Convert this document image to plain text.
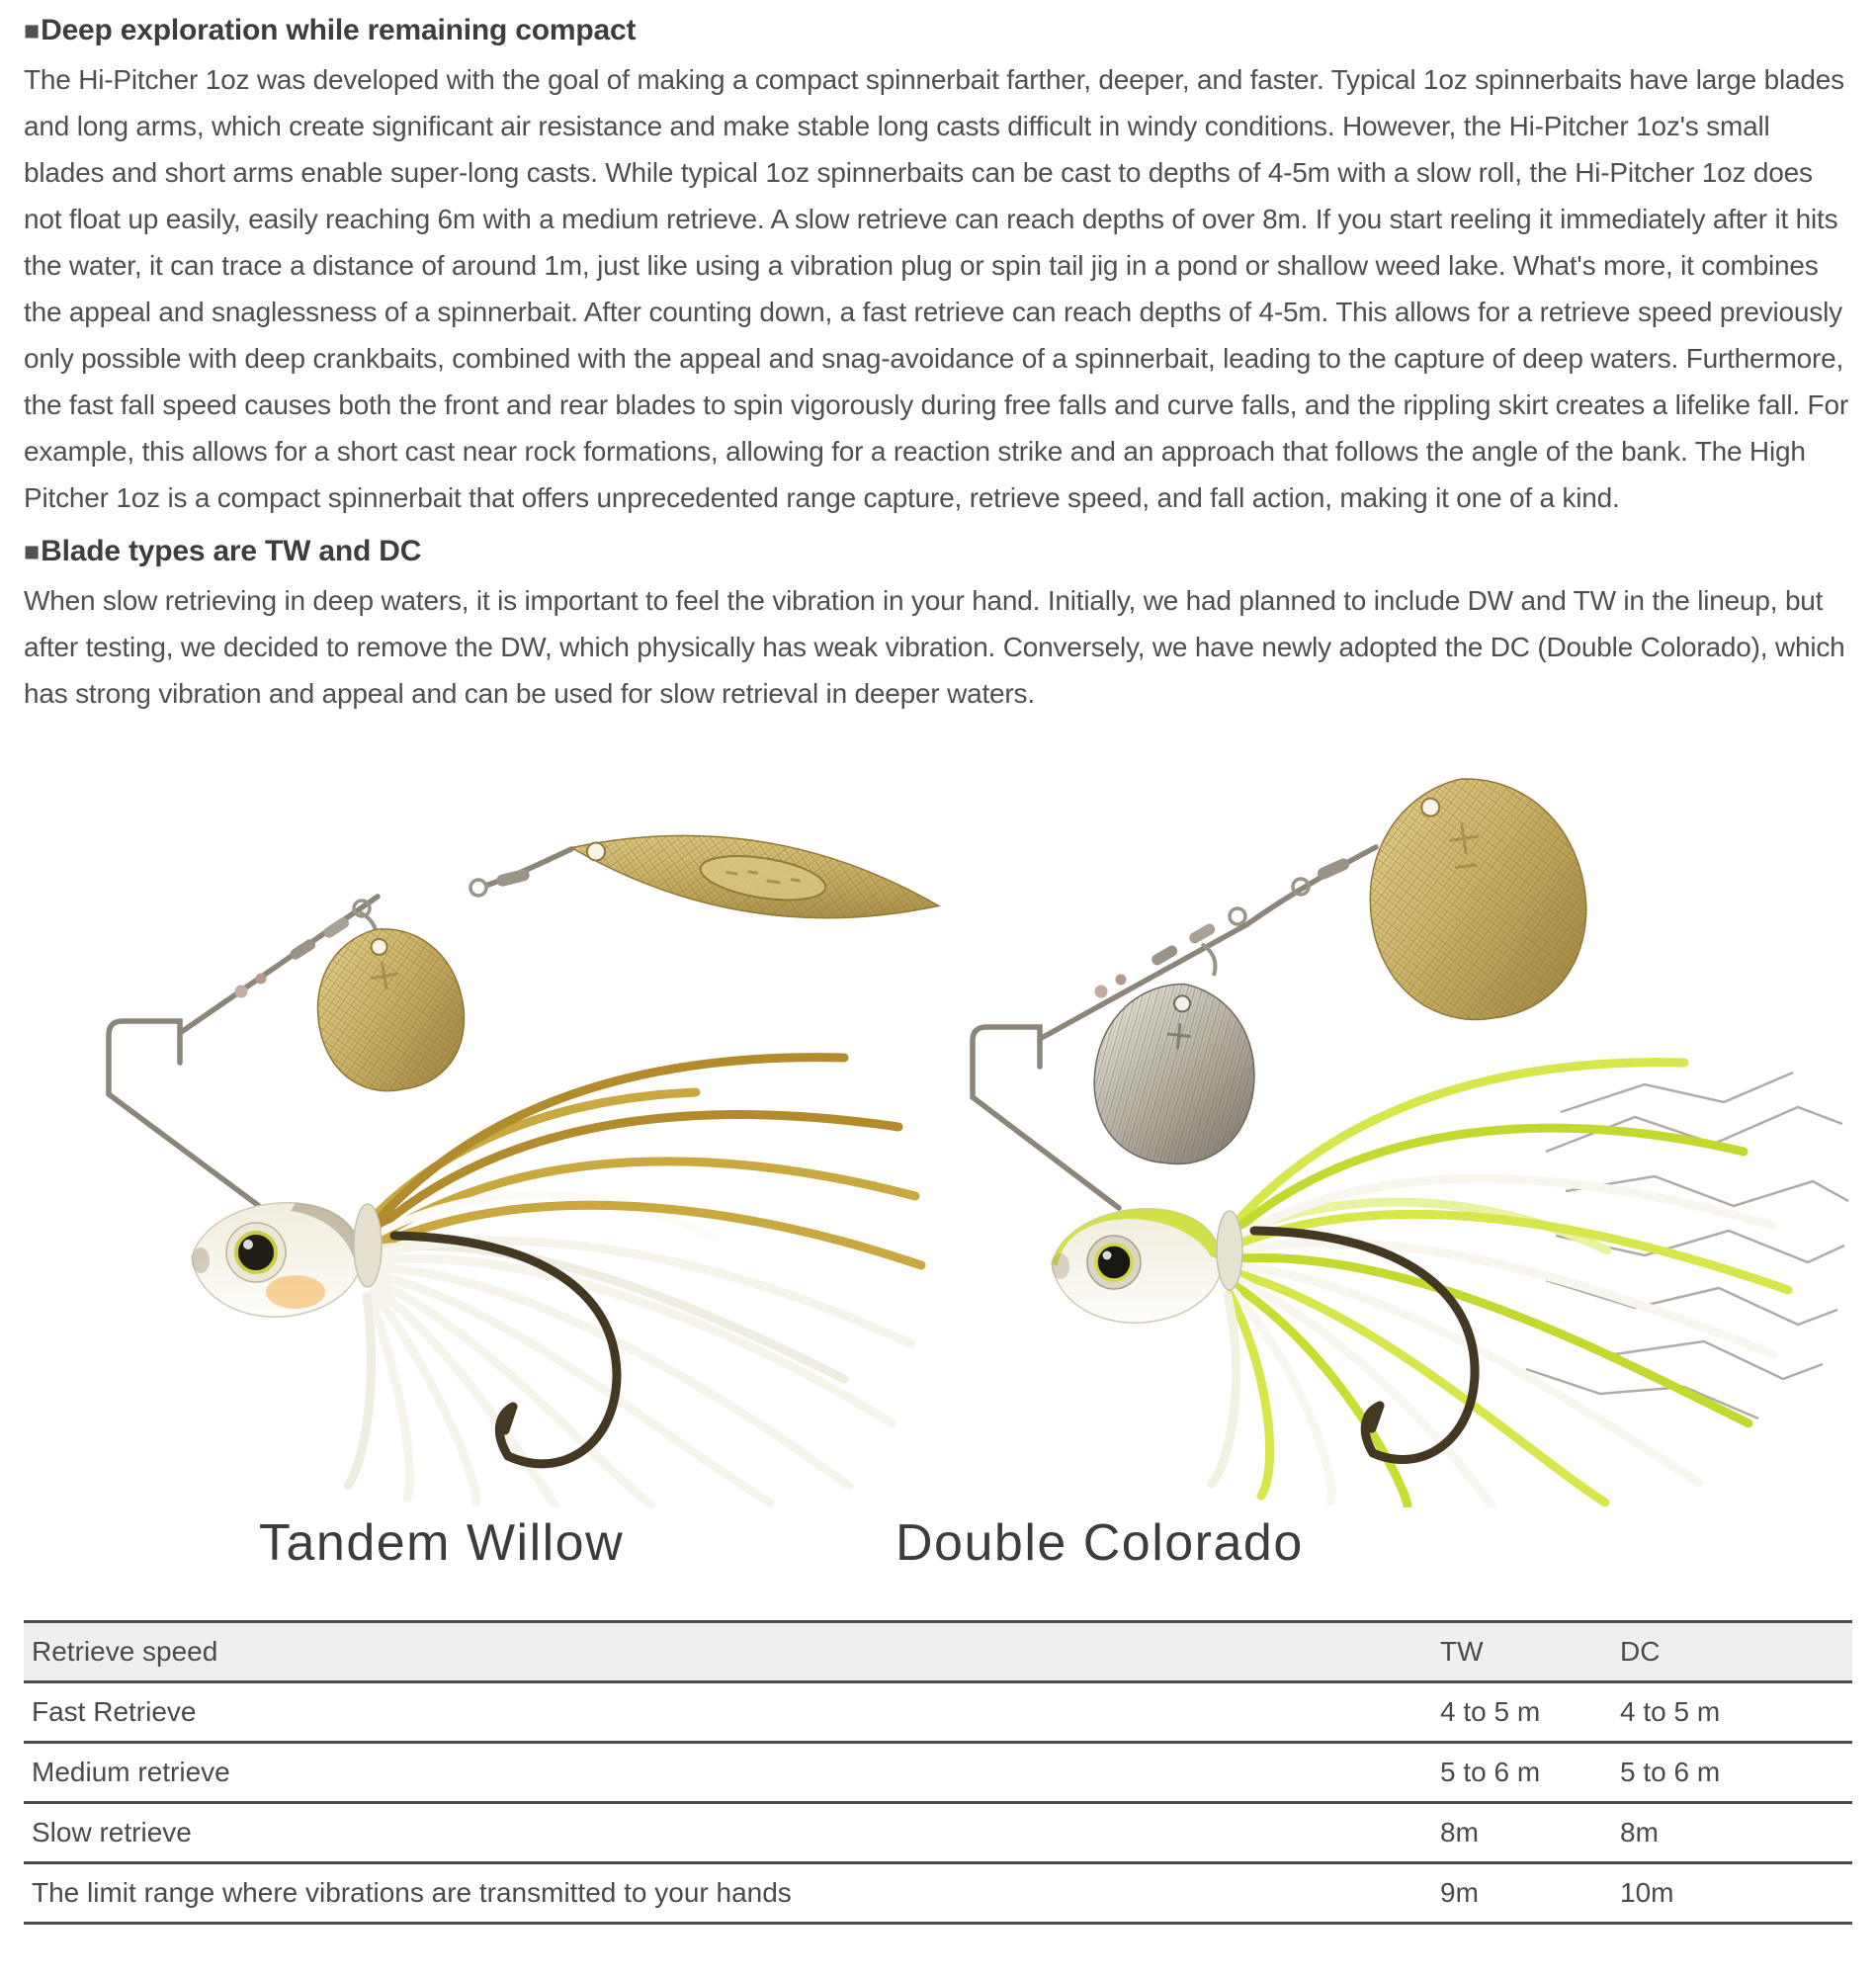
■Deep exploration while remaining compact

The Hi-Pitcher 1oz was developed with the goal of making a compact spinnerbait farther, deeper, and faster. Typical 1oz spinnerbaits have large blades and long arms, which create significant air resistance and make stable long casts difficult in windy conditions. However, the Hi-Pitcher 1oz's small blades and short arms enable super-long casts. While typical 1oz spinnerbaits can be cast to depths of 4-5m with a slow roll, the Hi-Pitcher 1oz does not float up easily, easily reaching 6m with a medium retrieve. A slow retrieve can reach depths of over 8m. If you start reeling it immediately after it hits the water, it can trace a distance of around 1m, just like using a vibration plug or spin tail jig in a pond or shallow weed lake. What's more, it combines the appeal and snaglessness of a spinnerbait. After counting down, a fast retrieve can reach depths of 4-5m. This allows for a retrieve speed previously only possible with deep crankbaits, combined with the appeal and snag-avoidance of a spinnerbait, leading to the capture of deep waters. Furthermore, the fast fall speed causes both the front and rear blades to spin vigorously during free falls and curve falls, and the rippling skirt creates a lifelike fall. For example, this allows for a short cast near rock formations, allowing for a reaction strike and an approach that follows the angle of the bank. The High Pitcher 1oz is a compact spinnerbait that offers unprecedented range capture, retrieve speed, and fall action, making it one of a kind.

■Blade types are TW and DC

When slow retrieving in deep waters, it is important to feel the vibration in your hand. Initially, we had planned to include DW and TW in the lineup, but after testing, we decided to remove the DW, which physically has weak vibration. Conversely, we have newly adopted the DC (Double Colorado), which has strong vibration and appeal and can be used for slow retrieval in deeper waters.

Tandem Willow	Double Colorado
Retrieve speed	TW	DC
Fast Retrieve	4 to 5 m	4 to 5 m
Medium retrieve	5 to 6 m	5 to 6 m
Slow retrieve	8m	8m
The limit range where vibrations are transmitted to your hands	9m	10m
